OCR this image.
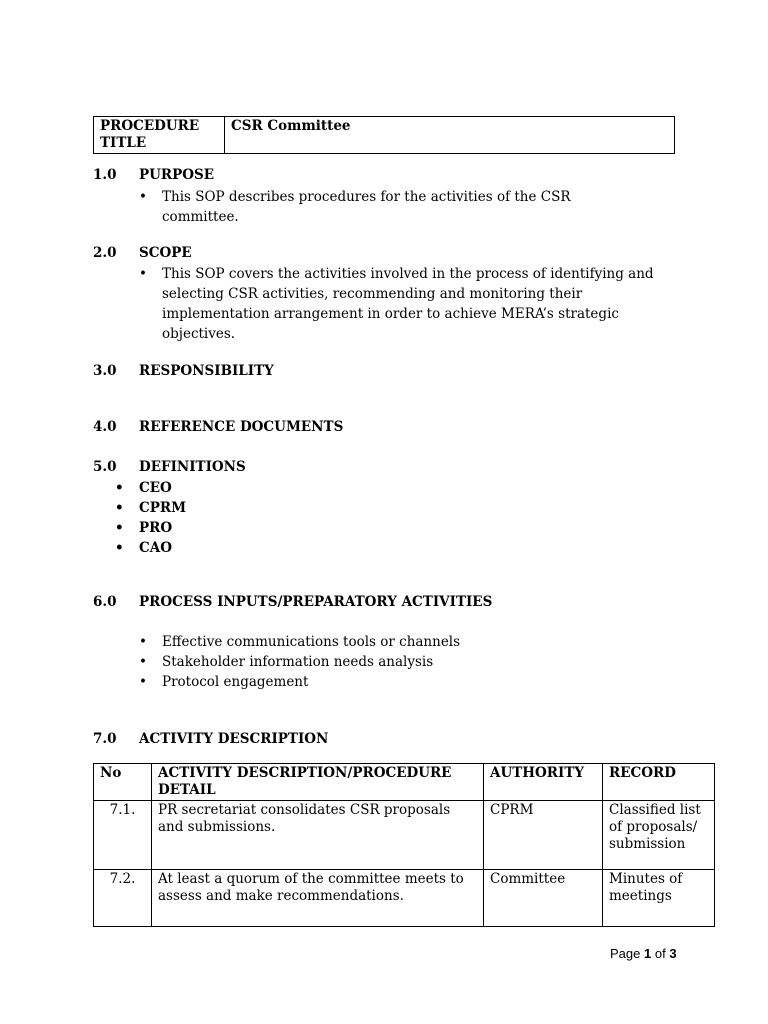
PROCEDURE TITLE	CSR Committee
1.0 PURPOSE
• This SOP describes procedures for the activities of the CSR committee.
2.0 SCOPE
• This SOP covers the activities involved in the process of identifying and selecting CSR activities, recommending and monitoring their implementation arrangement in order to achieve MERA’s strategic objectives.
3.0 RESPONSIBILITY
4.0 REFERENCE DOCUMENTS
5.0 DEFINITIONS
• CEO
• CPRM
• PRO
• CAO
6.0 PROCESS INPUTS/PREPARATORY ACTIVITIES
• Effective communications tools or channels
• Stakeholder information needs analysis
• Protocol engagement
7.0 ACTIVITY DESCRIPTION
No	ACTIVITY DESCRIPTION/PROCEDURE DETAIL	AUTHORITY	RECORD
7.1.	PR secretariat consolidates CSR proposals and submissions.	CPRM	Classified list of proposals/ submission
7.2.	At least a quorum of the committee meets to assess and make recommendations.	Committee	Minutes of meetings
Page 1 of 3
